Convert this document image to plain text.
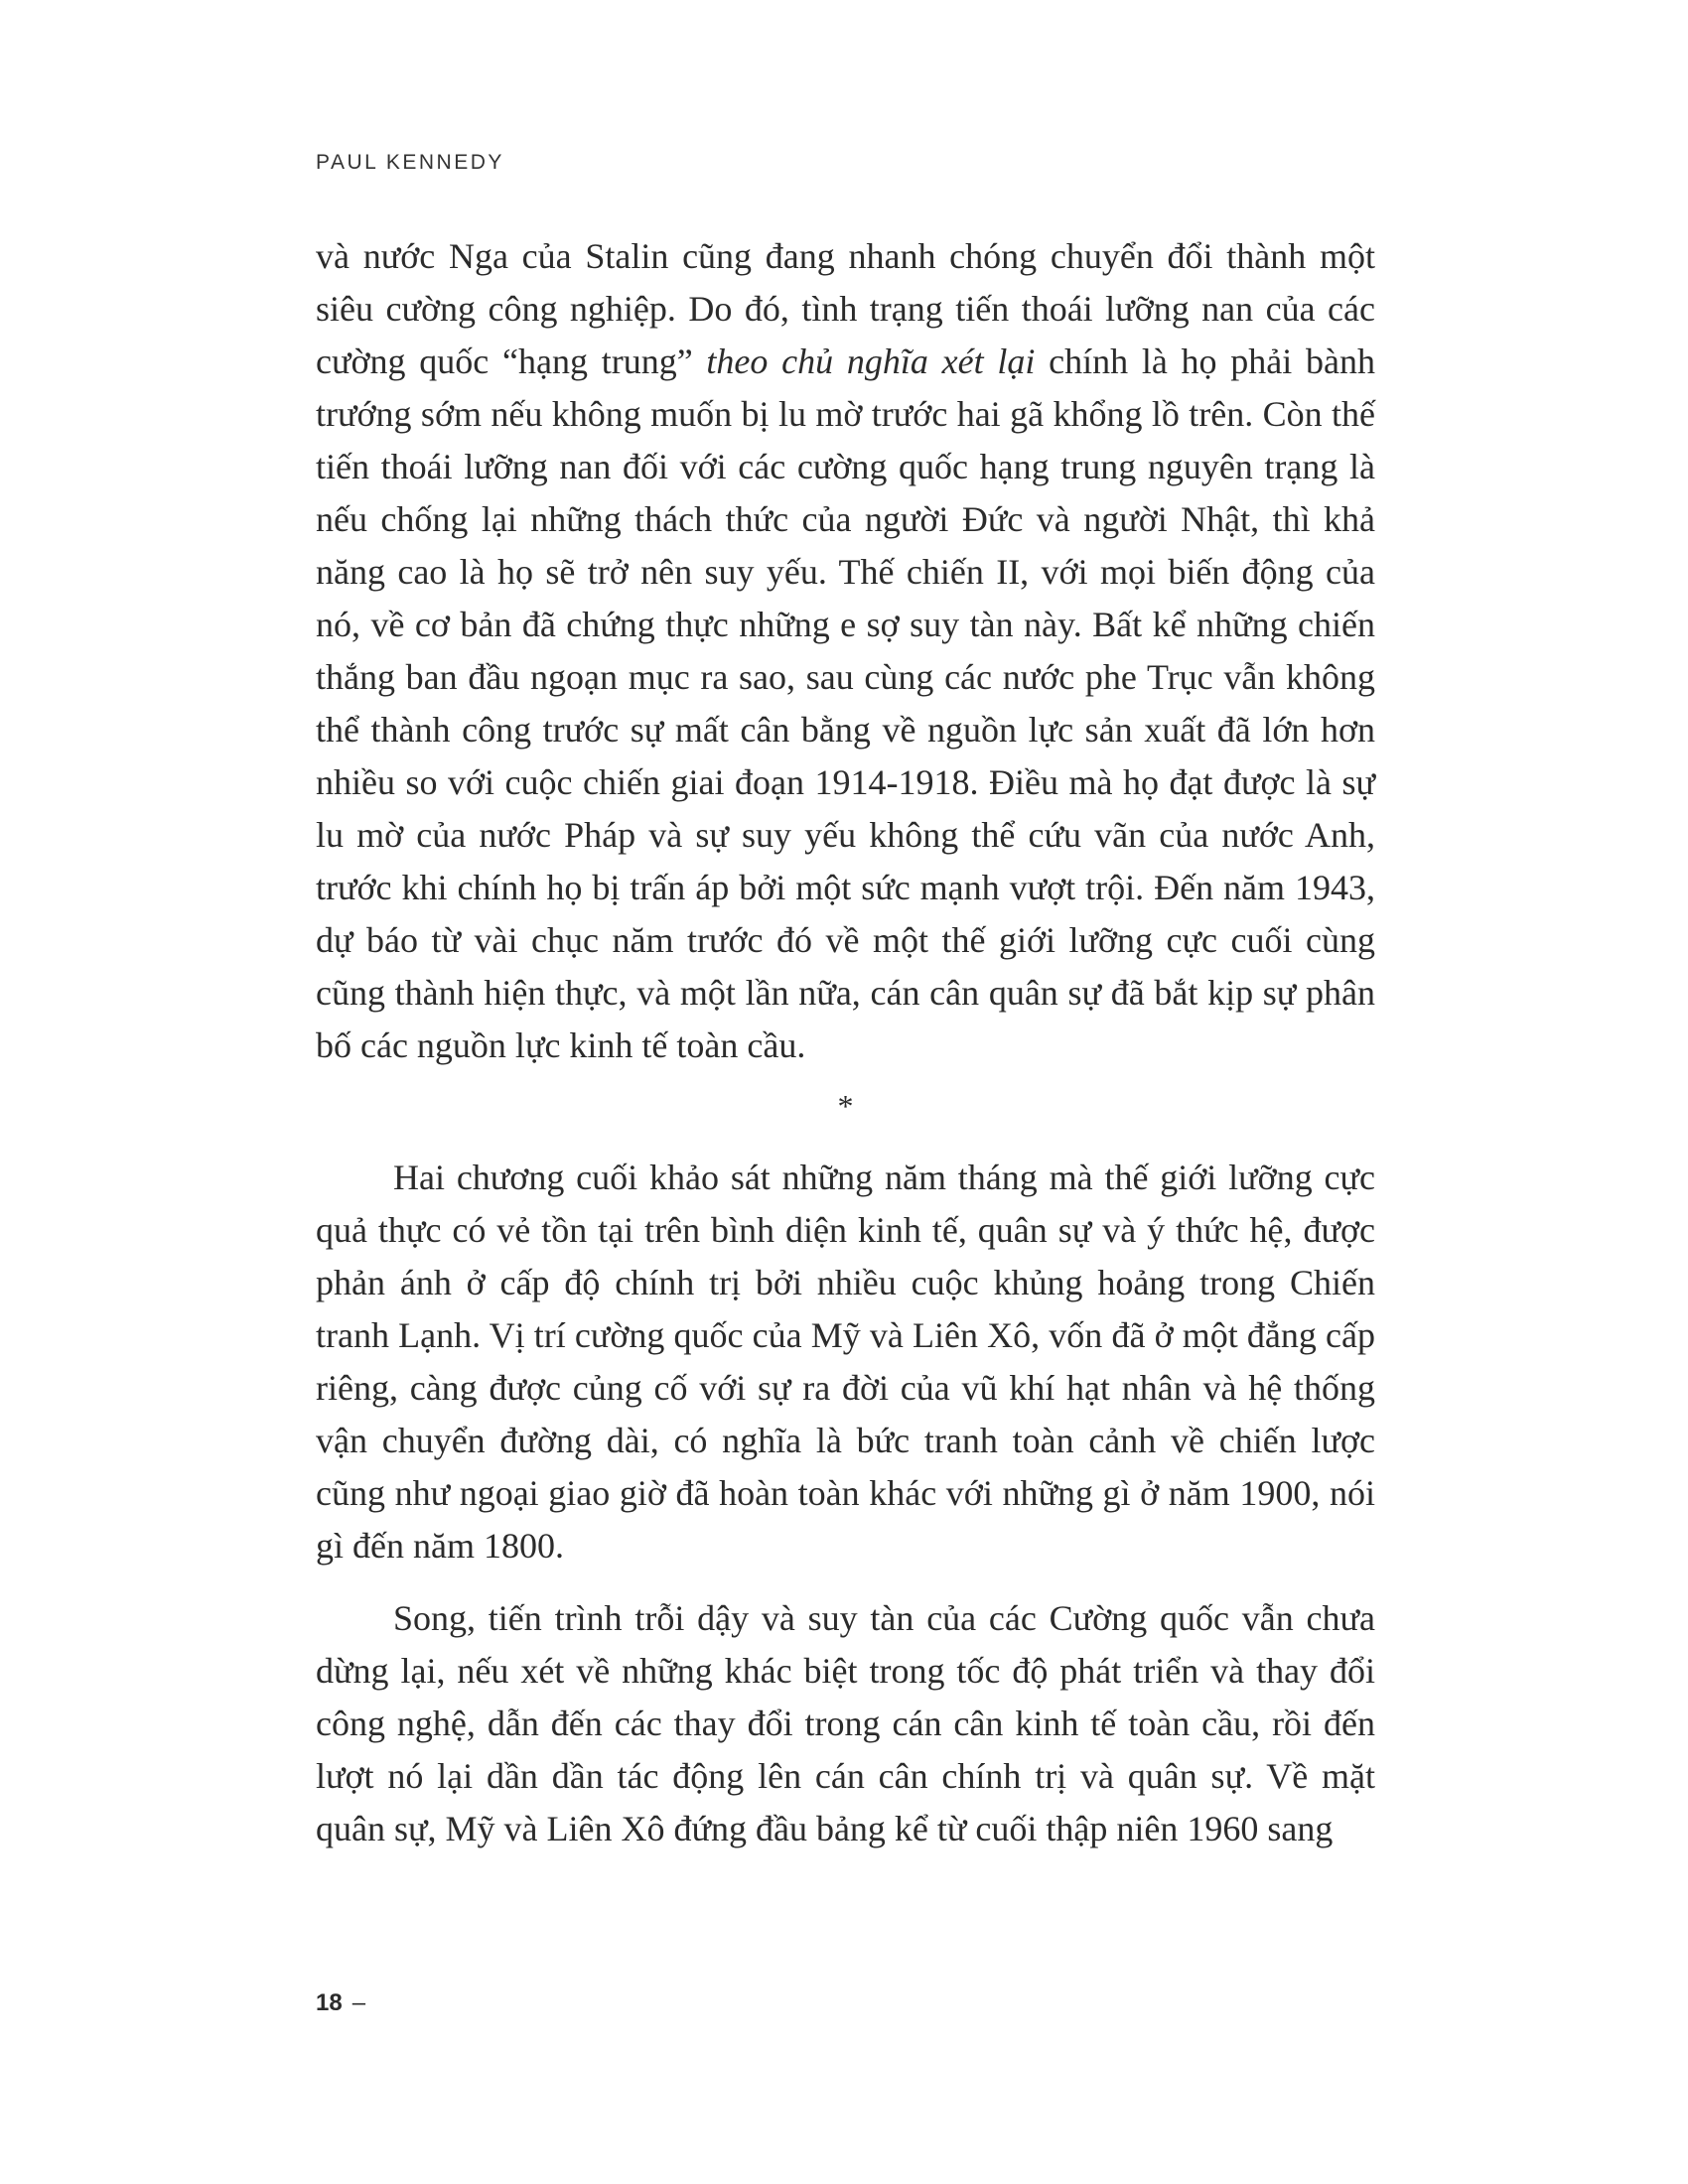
PAUL KENNEDY

và nước Nga của Stalin cũng đang nhanh chóng chuyển đổi thành một siêu cường công nghiệp. Do đó, tình trạng tiến thoái lưỡng nan của các cường quốc “hạng trung” theo chủ nghĩa xét lại chính là họ phải bành trướng sớm nếu không muốn bị lu mờ trước hai gã khổng lồ trên. Còn thế tiến thoái lưỡng nan đối với các cường quốc hạng trung nguyên trạng là nếu chống lại những thách thức của người Đức và người Nhật, thì khả năng cao là họ sẽ trở nên suy yếu. Thế chiến II, với mọi biến động của nó, về cơ bản đã chứng thực những e sợ suy tàn này. Bất kể những chiến thắng ban đầu ngoạn mục ra sao, sau cùng các nước phe Trục vẫn không thể thành công trước sự mất cân bằng về nguồn lực sản xuất đã lớn hơn nhiều so với cuộc chiến giai đoạn 1914-1918. Điều mà họ đạt được là sự lu mờ của nước Pháp và sự suy yếu không thể cứu vãn của nước Anh, trước khi chính họ bị trấn áp bởi một sức mạnh vượt trội. Đến năm 1943, dự báo từ vài chục năm trước đó về một thế giới lưỡng cực cuối cùng cũng thành hiện thực, và một lần nữa, cán cân quân sự đã bắt kịp sự phân bố các nguồn lực kinh tế toàn cầu.

*

Hai chương cuối khảo sát những năm tháng mà thế giới lưỡng cực quả thực có vẻ tồn tại trên bình diện kinh tế, quân sự và ý thức hệ, được phản ánh ở cấp độ chính trị bởi nhiều cuộc khủng hoảng trong Chiến tranh Lạnh. Vị trí cường quốc của Mỹ và Liên Xô, vốn đã ở một đẳng cấp riêng, càng được củng cố với sự ra đời của vũ khí hạt nhân và hệ thống vận chuyển đường dài, có nghĩa là bức tranh toàn cảnh về chiến lược cũng như ngoại giao giờ đã hoàn toàn khác với những gì ở năm 1900, nói gì đến năm 1800.

Song, tiến trình trỗi dậy và suy tàn của các Cường quốc vẫn chưa dừng lại, nếu xét về những khác biệt trong tốc độ phát triển và thay đổi công nghệ, dẫn đến các thay đổi trong cán cân kinh tế toàn cầu, rồi đến lượt nó lại dần dần tác động lên cán cân chính trị và quân sự. Về mặt quân sự, Mỹ và Liên Xô đứng đầu bảng kể từ cuối thập niên 1960 sang

18 –
